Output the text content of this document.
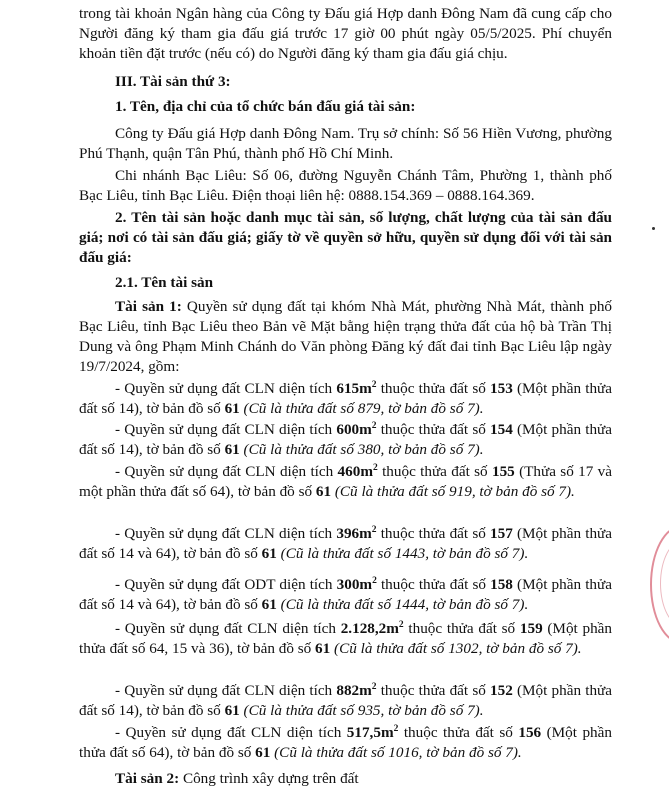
trong tài khoản Ngân hàng của Công ty Đấu giá Hợp danh Đông Nam đã cung cấp cho Người đăng ký tham gia đấu giá trước 17 giờ 00 phút ngày 05/5/2025. Phí chuyển khoản tiền đặt trước (nếu có) do Người đăng ký tham gia đấu giá chịu.

III. Tài sản thứ 3:

1. Tên, địa chỉ của tổ chức bán đấu giá tài sản:

Công ty Đấu giá Hợp danh Đông Nam. Trụ sở chính: Số 56 Hiền Vương, phường Phú Thạnh, quận Tân Phú, thành phố Hồ Chí Minh.

Chi nhánh Bạc Liêu: Số 06, đường Nguyễn Chánh Tâm, Phường 1, thành phố Bạc Liêu, tỉnh Bạc Liêu. Điện thoại liên hệ: 0888.154.369 – 0888.164.369.

2. Tên tài sản hoặc danh mục tài sản, số lượng, chất lượng của tài sản đấu giá; nơi có tài sản đấu giá; giấy tờ về quyền sở hữu, quyền sử dụng đối với tài sản đấu giá:

2.1. Tên tài sản

Tài sản 1: Quyền sử dụng đất tại khóm Nhà Mát, phường Nhà Mát, thành phố Bạc Liêu, tỉnh Bạc Liêu theo Bản vẽ Mặt bằng hiện trạng thửa đất của hộ bà Trần Thị Dung và ông Phạm Minh Chánh do Văn phòng Đăng ký đất đai tỉnh Bạc Liêu lập ngày 19/7/2024, gồm:

- Quyền sử dụng đất CLN diện tích $615m^2$ thuộc thửa đất số 153 (Một phần thửa đất số 14), tờ bản đồ số 61 (Cũ là thửa đất số 879, tờ bản đồ số 7).

- Quyền sử dụng đất CLN diện tích $600m^2$ thuộc thửa đất số 154 (Một phần thửa đất số 14), tờ bản đồ số 61 (Cũ là thửa đất số 380, tờ bản đồ số 7).

- Quyền sử dụng đất CLN diện tích $460m^2$ thuộc thửa đất số 155 (Thửa số 17 và một phần thửa đất số 64), tờ bản đồ số 61 (Cũ là thửa đất số 919, tờ bản đồ số 7).

- Quyền sử dụng đất CLN diện tích $396m^2$ thuộc thửa đất số 157 (Một phần thửa đất số 14 và 64), tờ bản đồ số 61 (Cũ là thửa đất số 1443, tờ bản đồ số 7).

- Quyền sử dụng đất ODT diện tích $300m^2$ thuộc thửa đất số 158 (Một phần thửa đất số 14 và 64), tờ bản đồ số 61 (Cũ là thửa đất số 1444, tờ bản đồ số 7).

- Quyền sử dụng đất CLN diện tích $2.128,2m^2$ thuộc thửa đất số 159 (Một phần thửa đất số 64, 15 và 36), tờ bản đồ số 61 (Cũ là thửa đất số 1302, tờ bản đồ số 7).

- Quyền sử dụng đất CLN diện tích $882m^2$ thuộc thửa đất số 152 (Một phần thửa đất số 14), tờ bản đồ số 61 (Cũ là thửa đất số 935, tờ bản đồ số 7).

- Quyền sử dụng đất CLN diện tích $517,5m^2$ thuộc thửa đất số 156 (Một phần thửa đất số 64), tờ bản đồ số 61 (Cũ là thửa đất số 1016, tờ bản đồ số 7).

Tài sản 2: Công trình xây dựng trên đất
